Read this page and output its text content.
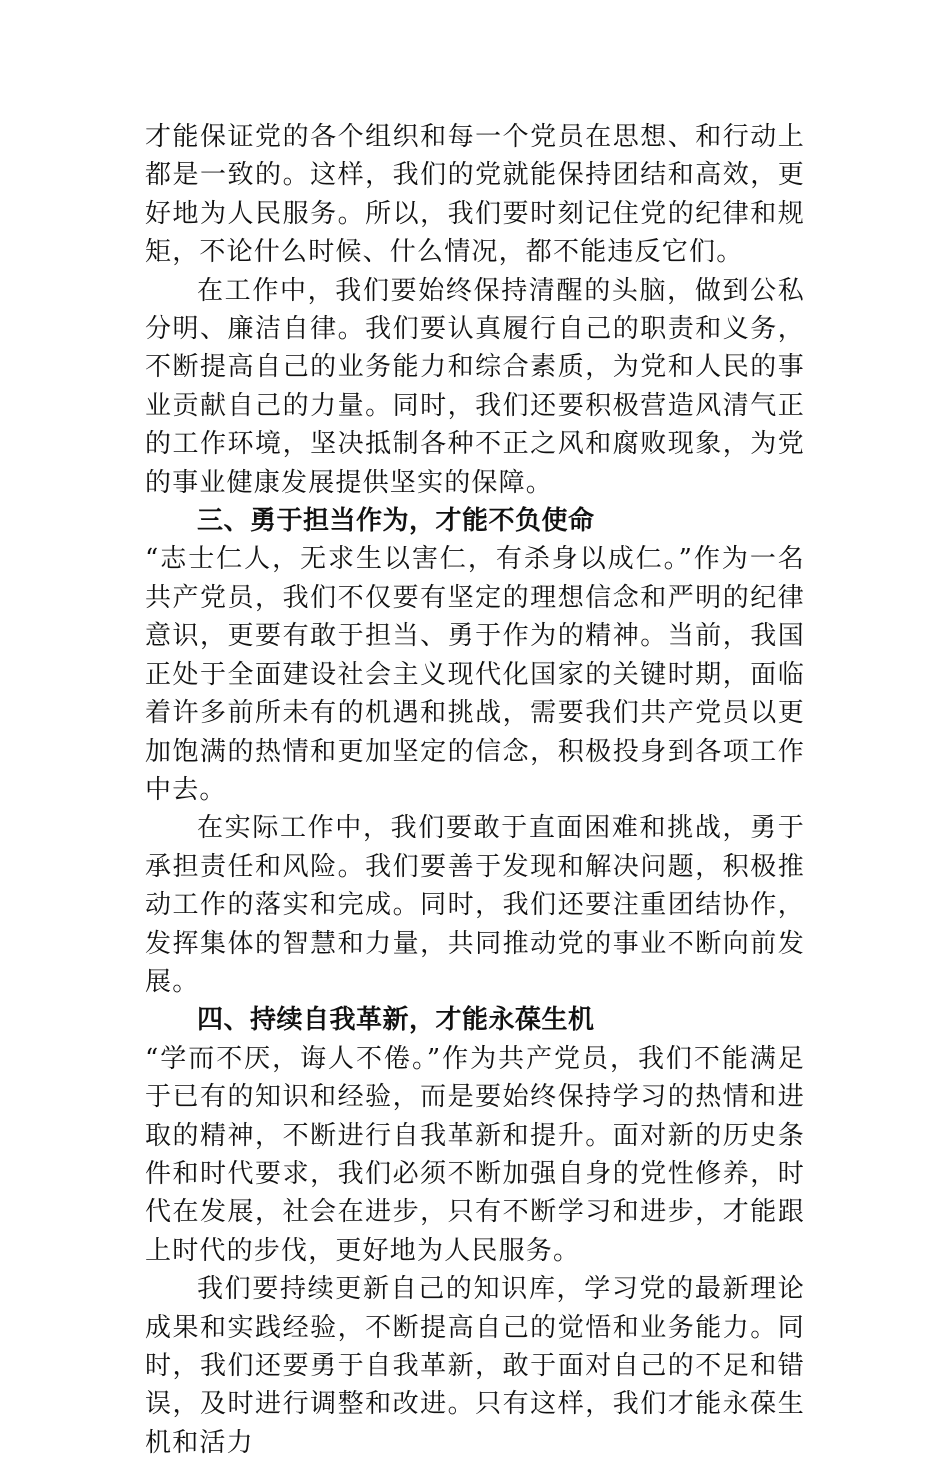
才能保证党的各个组织和每一个党员在思想、和行动上都是一致的。这样，我们的党就能保持团结和高效，更好地为人民服务。所以，我们要时刻记住党的纪律和规矩，不论什么时候、什么情况，都不能违反它们。

在工作中，我们要始终保持清醒的头脑，做到公私分明、廉洁自律。我们要认真履行自己的职责和义务，不断提高自己的业务能力和综合素质，为党和人民的事业贡献自己的力量。同时，我们还要积极营造风清气正的工作环境，坚决抵制各种不正之风和腐败现象，为党的事业健康发展提供坚实的保障。

三、勇于担当作为，才能不负使命

“志士仁人，无求生以害仁，有杀身以成仁。”作为一名共产党员，我们不仅要有坚定的理想信念和严明的纪律意识，更要有敢于担当、勇于作为的精神。当前，我国正处于全面建设社会主义现代化国家的关键时期，面临着许多前所未有的机遇和挑战，需要我们共产党员以更加饱满的热情和更加坚定的信念，积极投身到各项工作中去。

在实际工作中，我们要敢于直面困难和挑战，勇于承担责任和风险。我们要善于发现和解决问题，积极推动工作的落实和完成。同时，我们还要注重团结协作，发挥集体的智慧和力量，共同推动党的事业不断向前发展。

四、持续自我革新，才能永葆生机

“学而不厌，诲人不倦。”作为共产党员，我们不能满足于已有的知识和经验，而是要始终保持学习的热情和进取的精神，不断进行自我革新和提升。面对新的历史条件和时代要求，我们必须不断加强自身的党性修养，时代在发展，社会在进步，只有不断学习和进步，才能跟上时代的步伐，更好地为人民服务。

我们要持续更新自己的知识库，学习党的最新理论成果和实践经验，不断提高自己的觉悟和业务能力。同时，我们还要勇于自我革新，敢于面对自己的不足和错误，及时进行调整和改进。只有这样，我们才能永葆生机和活力
